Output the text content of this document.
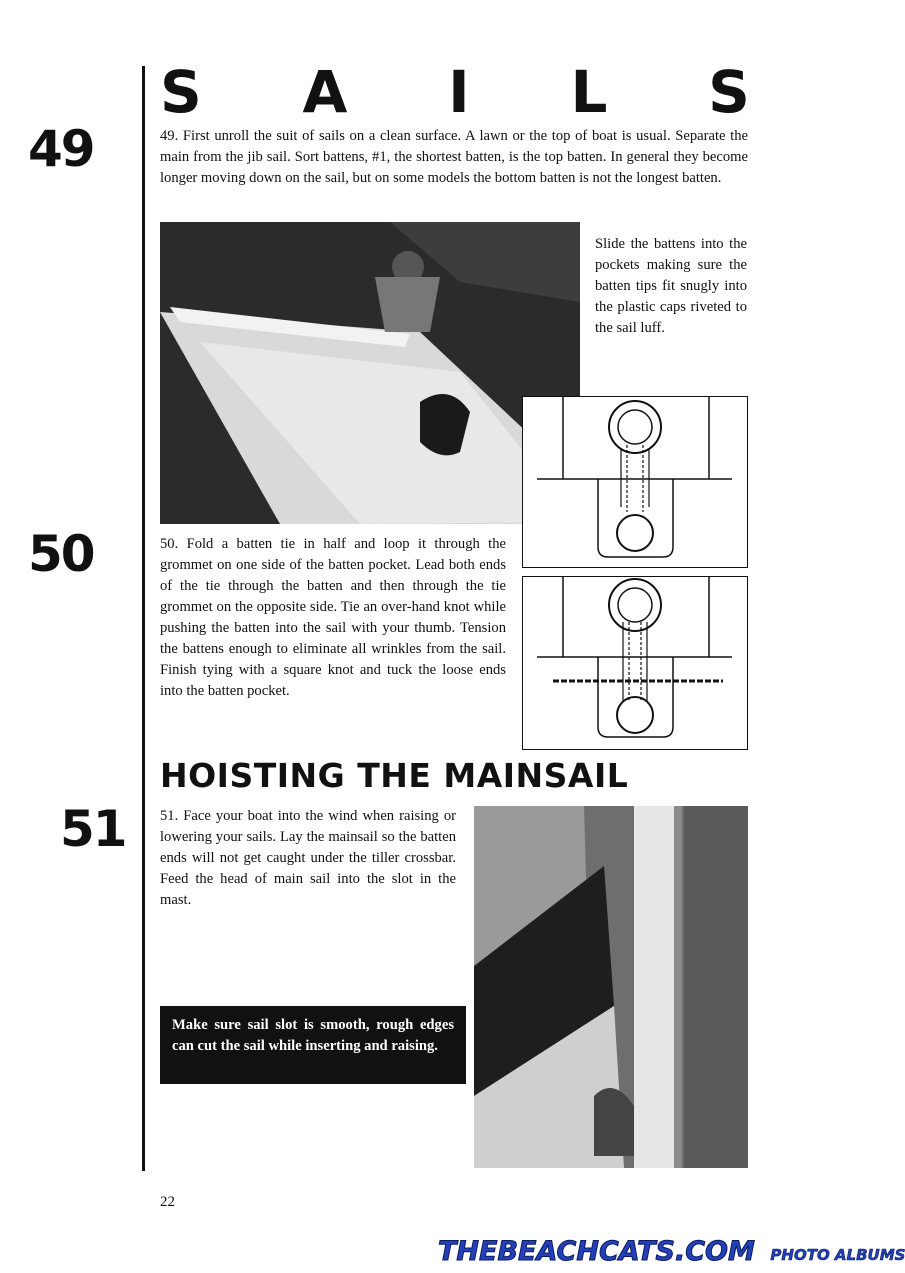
S A I L S
49
50
51
49. First unroll the suit of sails on a clean surface. A lawn or the top of boat is usual. Separate the main from the jib sail. Sort battens, #1, the shortest batten, is the top batten. In general they become longer moving down on the sail, but on some models the bottom batten is not the longest batten.
Slide the battens into the pockets making sure the batten tips fit snugly into the plastic caps riveted to the sail luff.
50. Fold a batten tie in half and loop it through the grommet on one side of the batten pocket. Lead both ends of the tie through the batten and then through the tie grommet on the opposite side. Tie an over-hand knot while pushing the batten into the sail with your thumb. Tension the battens enough to eliminate all wrinkles from the sail. Finish tying with a square knot and tuck the loose ends into the batten pocket.
HOISTING THE MAINSAIL
51. Face your boat into the wind when raising or lowering your sails. Lay the mainsail so the batten ends will not get caught under the tiller crossbar. Feed the head of main sail into the slot in the mast.
Make sure sail slot is smooth, rough edges can cut the sail while inserting and raising.
22
THEBEACHCATS.COM PHOTO ALBUMS
